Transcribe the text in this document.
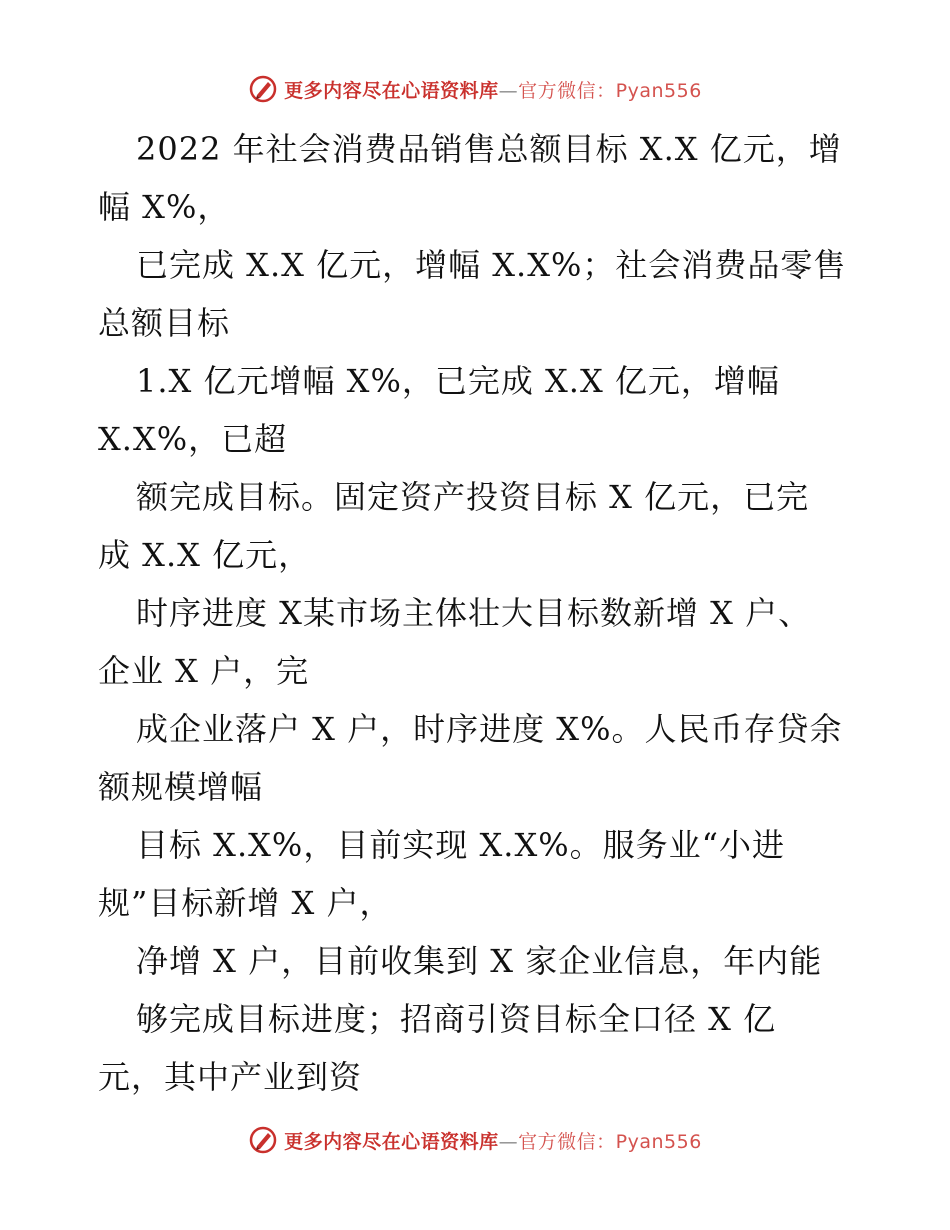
更多内容尽在心语资料库—官方微信：Pyan556
2022 年社会消费品销售总额目标 X.X 亿元，增
幅 X%，
已完成 X.X 亿元，增幅 X.X%；社会消费品零售
总额目标
1.X 亿元增幅 X%，已完成 X.X 亿元，增幅
X.X%，已超
额完成目标。固定资产投资目标 X 亿元，已完
成 X.X 亿元，
时序进度 X某市场主体壮大目标数新增 X 户、
企业 X 户，完
成企业落户 X 户，时序进度 X%。人民币存贷余
额规模增幅
目标 X.X%，目前实现 X.X%。服务业“小进
规”目标新增 X 户，
净增 X 户，目前收集到 X 家企业信息，年内能
够完成目标进度；招商引资目标全口径 X 亿
元，其中产业到资
更多内容尽在心语资料库—官方微信：Pyan556
